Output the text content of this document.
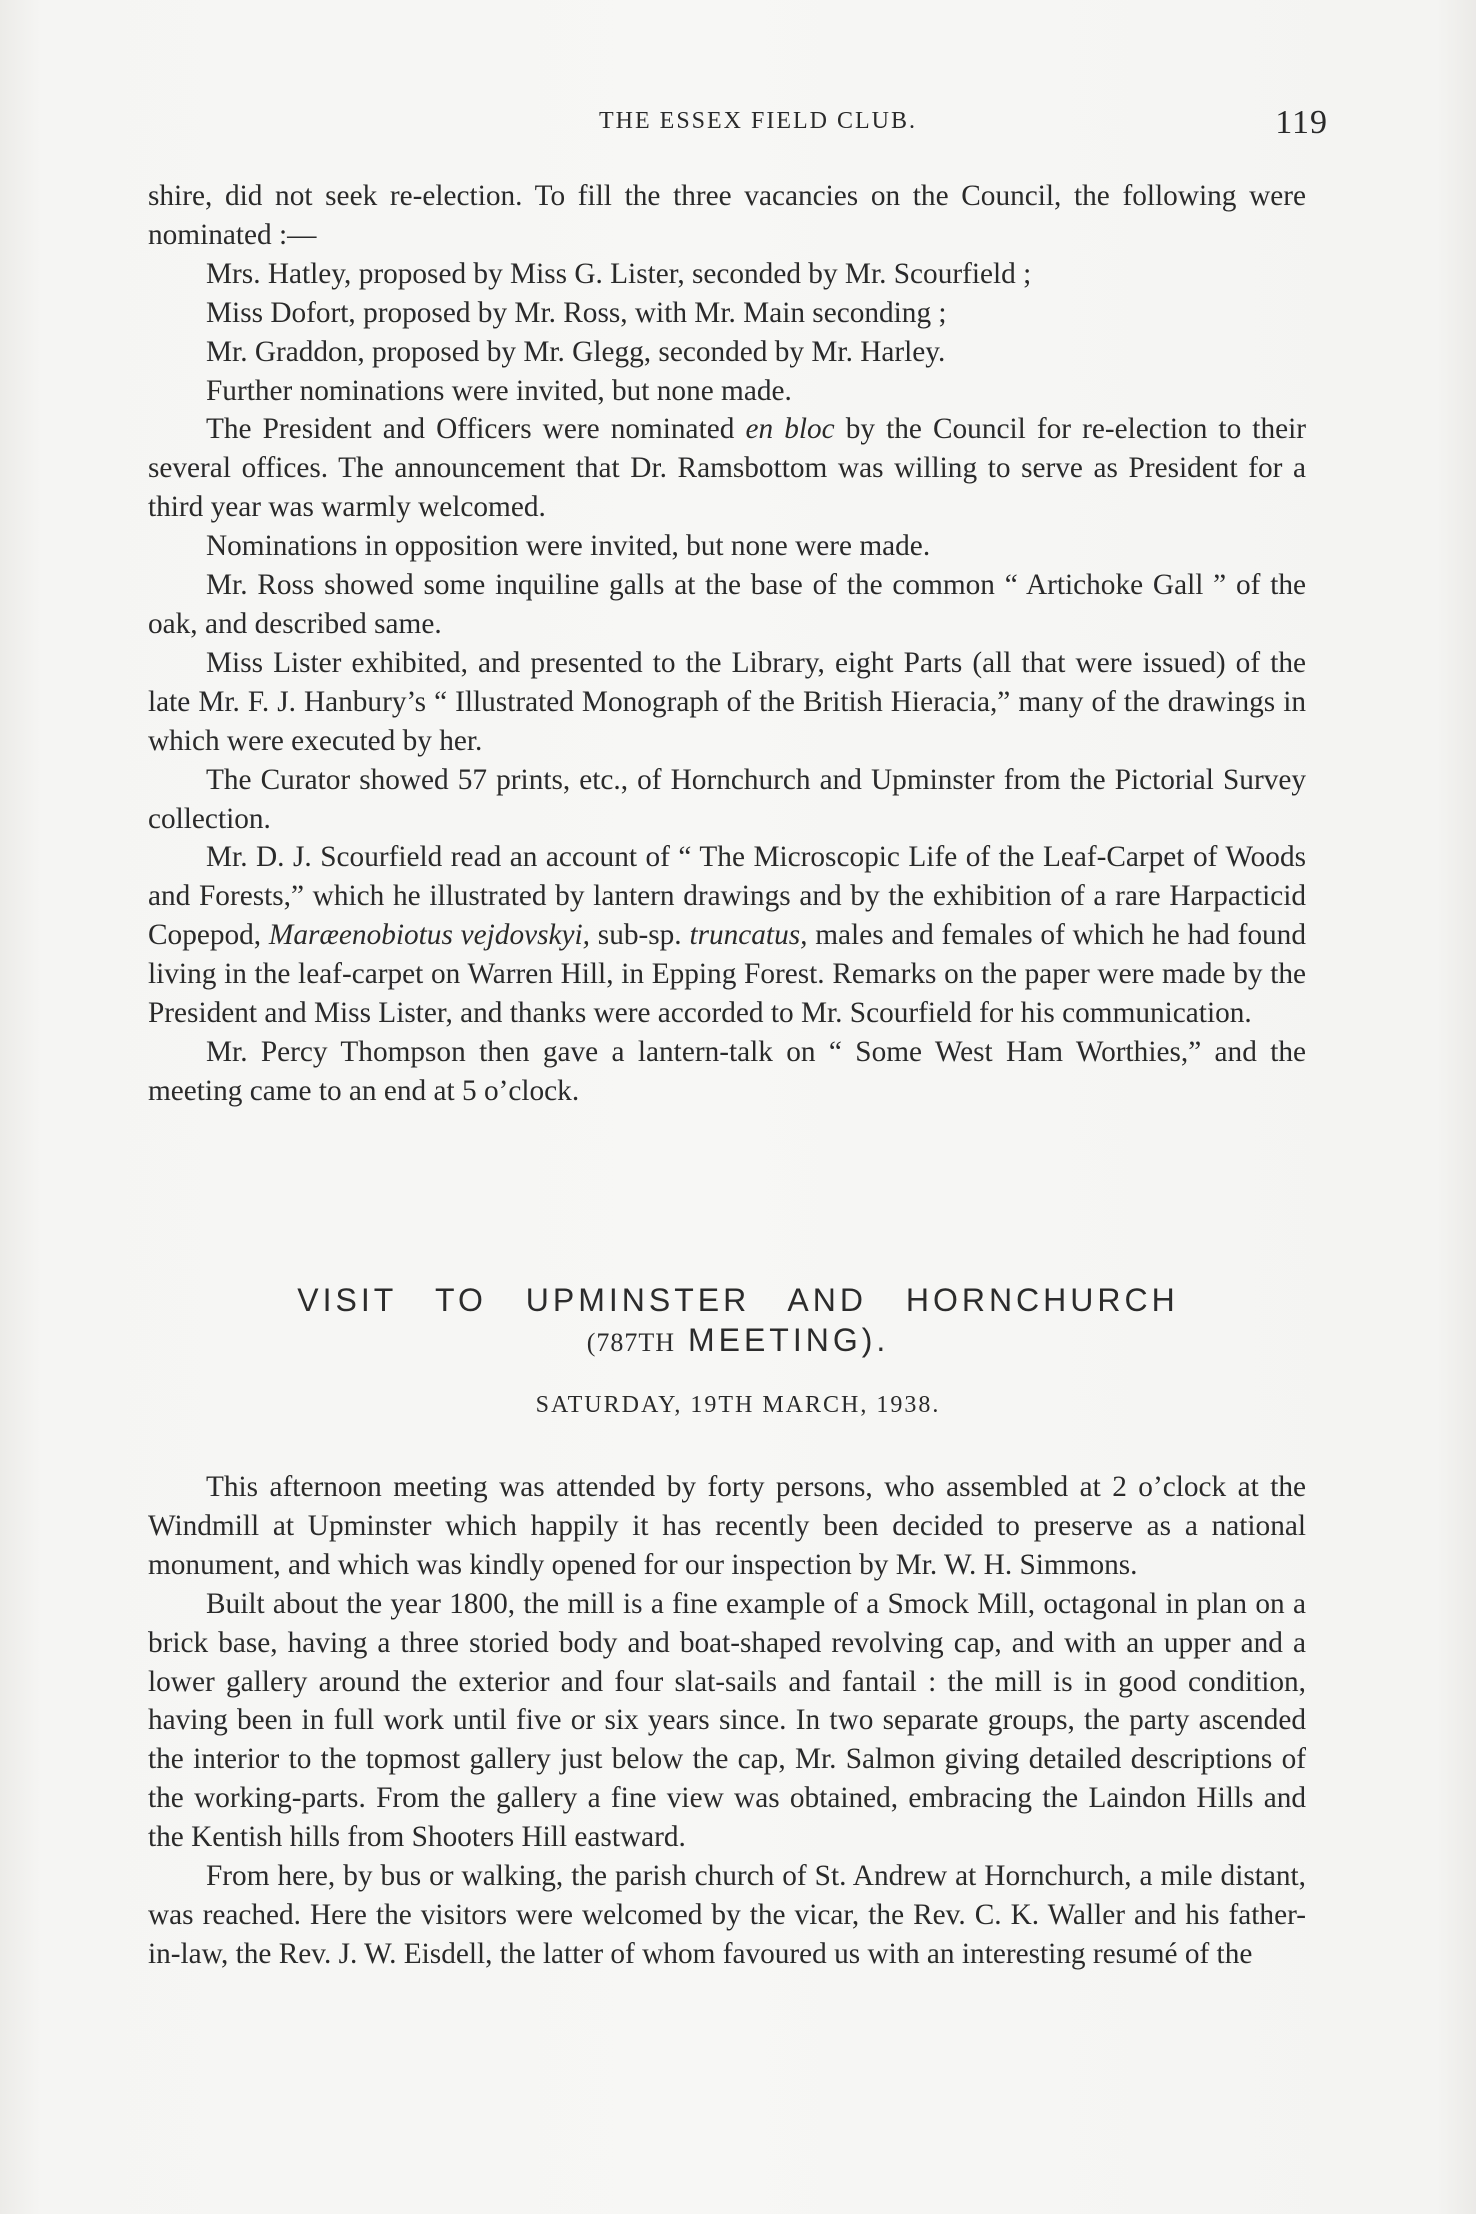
THE ESSEX FIELD CLUB.	119

shire, did not seek re-election. To fill the three vacancies on the Council, the following were nominated :—

Mrs. Hatley, proposed by Miss G. Lister, seconded by Mr. Scourfield ;

Miss Dofort, proposed by Mr. Ross, with Mr. Main seconding ;

Mr. Graddon, proposed by Mr. Glegg, seconded by Mr. Harley.

Further nominations were invited, but none made.

The President and Officers were nominated en bloc by the Council for re-election to their several offices. The announcement that Dr. Ramsbottom was willing to serve as President for a third year was warmly welcomed.

Nominations in opposition were invited, but none were made.

Mr. Ross showed some inquiline galls at the base of the common “ Artichoke Gall ” of the oak, and described same.

Miss Lister exhibited, and presented to the Library, eight Parts (all that were issued) of the late Mr. F. J. Hanbury’s “ Illustrated Monograph of the British Hieracia,” many of the drawings in which were executed by her.

The Curator showed 57 prints, etc., of Hornchurch and Upminster from the Pictorial Survey collection.

Mr. D. J. Scourfield read an account of “ The Microscopic Life of the Leaf-Carpet of Woods and Forests,” which he illustrated by lantern drawings and by the exhibition of a rare Harpacticid Copepod, Maræenobiotus vejdovskyi, sub-sp. truncatus, males and females of which he had found living in the leaf-carpet on Warren Hill, in Epping Forest. Remarks on the paper were made by the President and Miss Lister, and thanks were accorded to Mr. Scourfield for his communication.

Mr. Percy Thompson then gave a lantern-talk on “ Some West Ham Worthies,” and the meeting came to an end at 5 o’clock.

VISIT TO UPMINSTER AND HORNCHURCH
(787TH MEETING).
SATURDAY, 19TH MARCH, 1938.

This afternoon meeting was attended by forty persons, who assembled at 2 o’clock at the Windmill at Upminster which happily it has recently been decided to preserve as a national monument, and which was kindly opened for our inspection by Mr. W. H. Simmons.

Built about the year 1800, the mill is a fine example of a Smock Mill, octagonal in plan on a brick base, having a three storied body and boat-shaped revolving cap, and with an upper and a lower gallery around the exterior and four slat-sails and fantail : the mill is in good condition, having been in full work until five or six years since. In two separate groups, the party ascended the interior to the topmost gallery just below the cap, Mr. Salmon giving detailed descriptions of the working-parts. From the gallery a fine view was obtained, embracing the Laindon Hills and the Kentish hills from Shooters Hill eastward.

From here, by bus or walking, the parish church of St. Andrew at Hornchurch, a mile distant, was reached. Here the visitors were welcomed by the vicar, the Rev. C. K. Waller and his father-in-law, the Rev. J. W. Eisdell, the latter of whom favoured us with an interesting resumé of the
